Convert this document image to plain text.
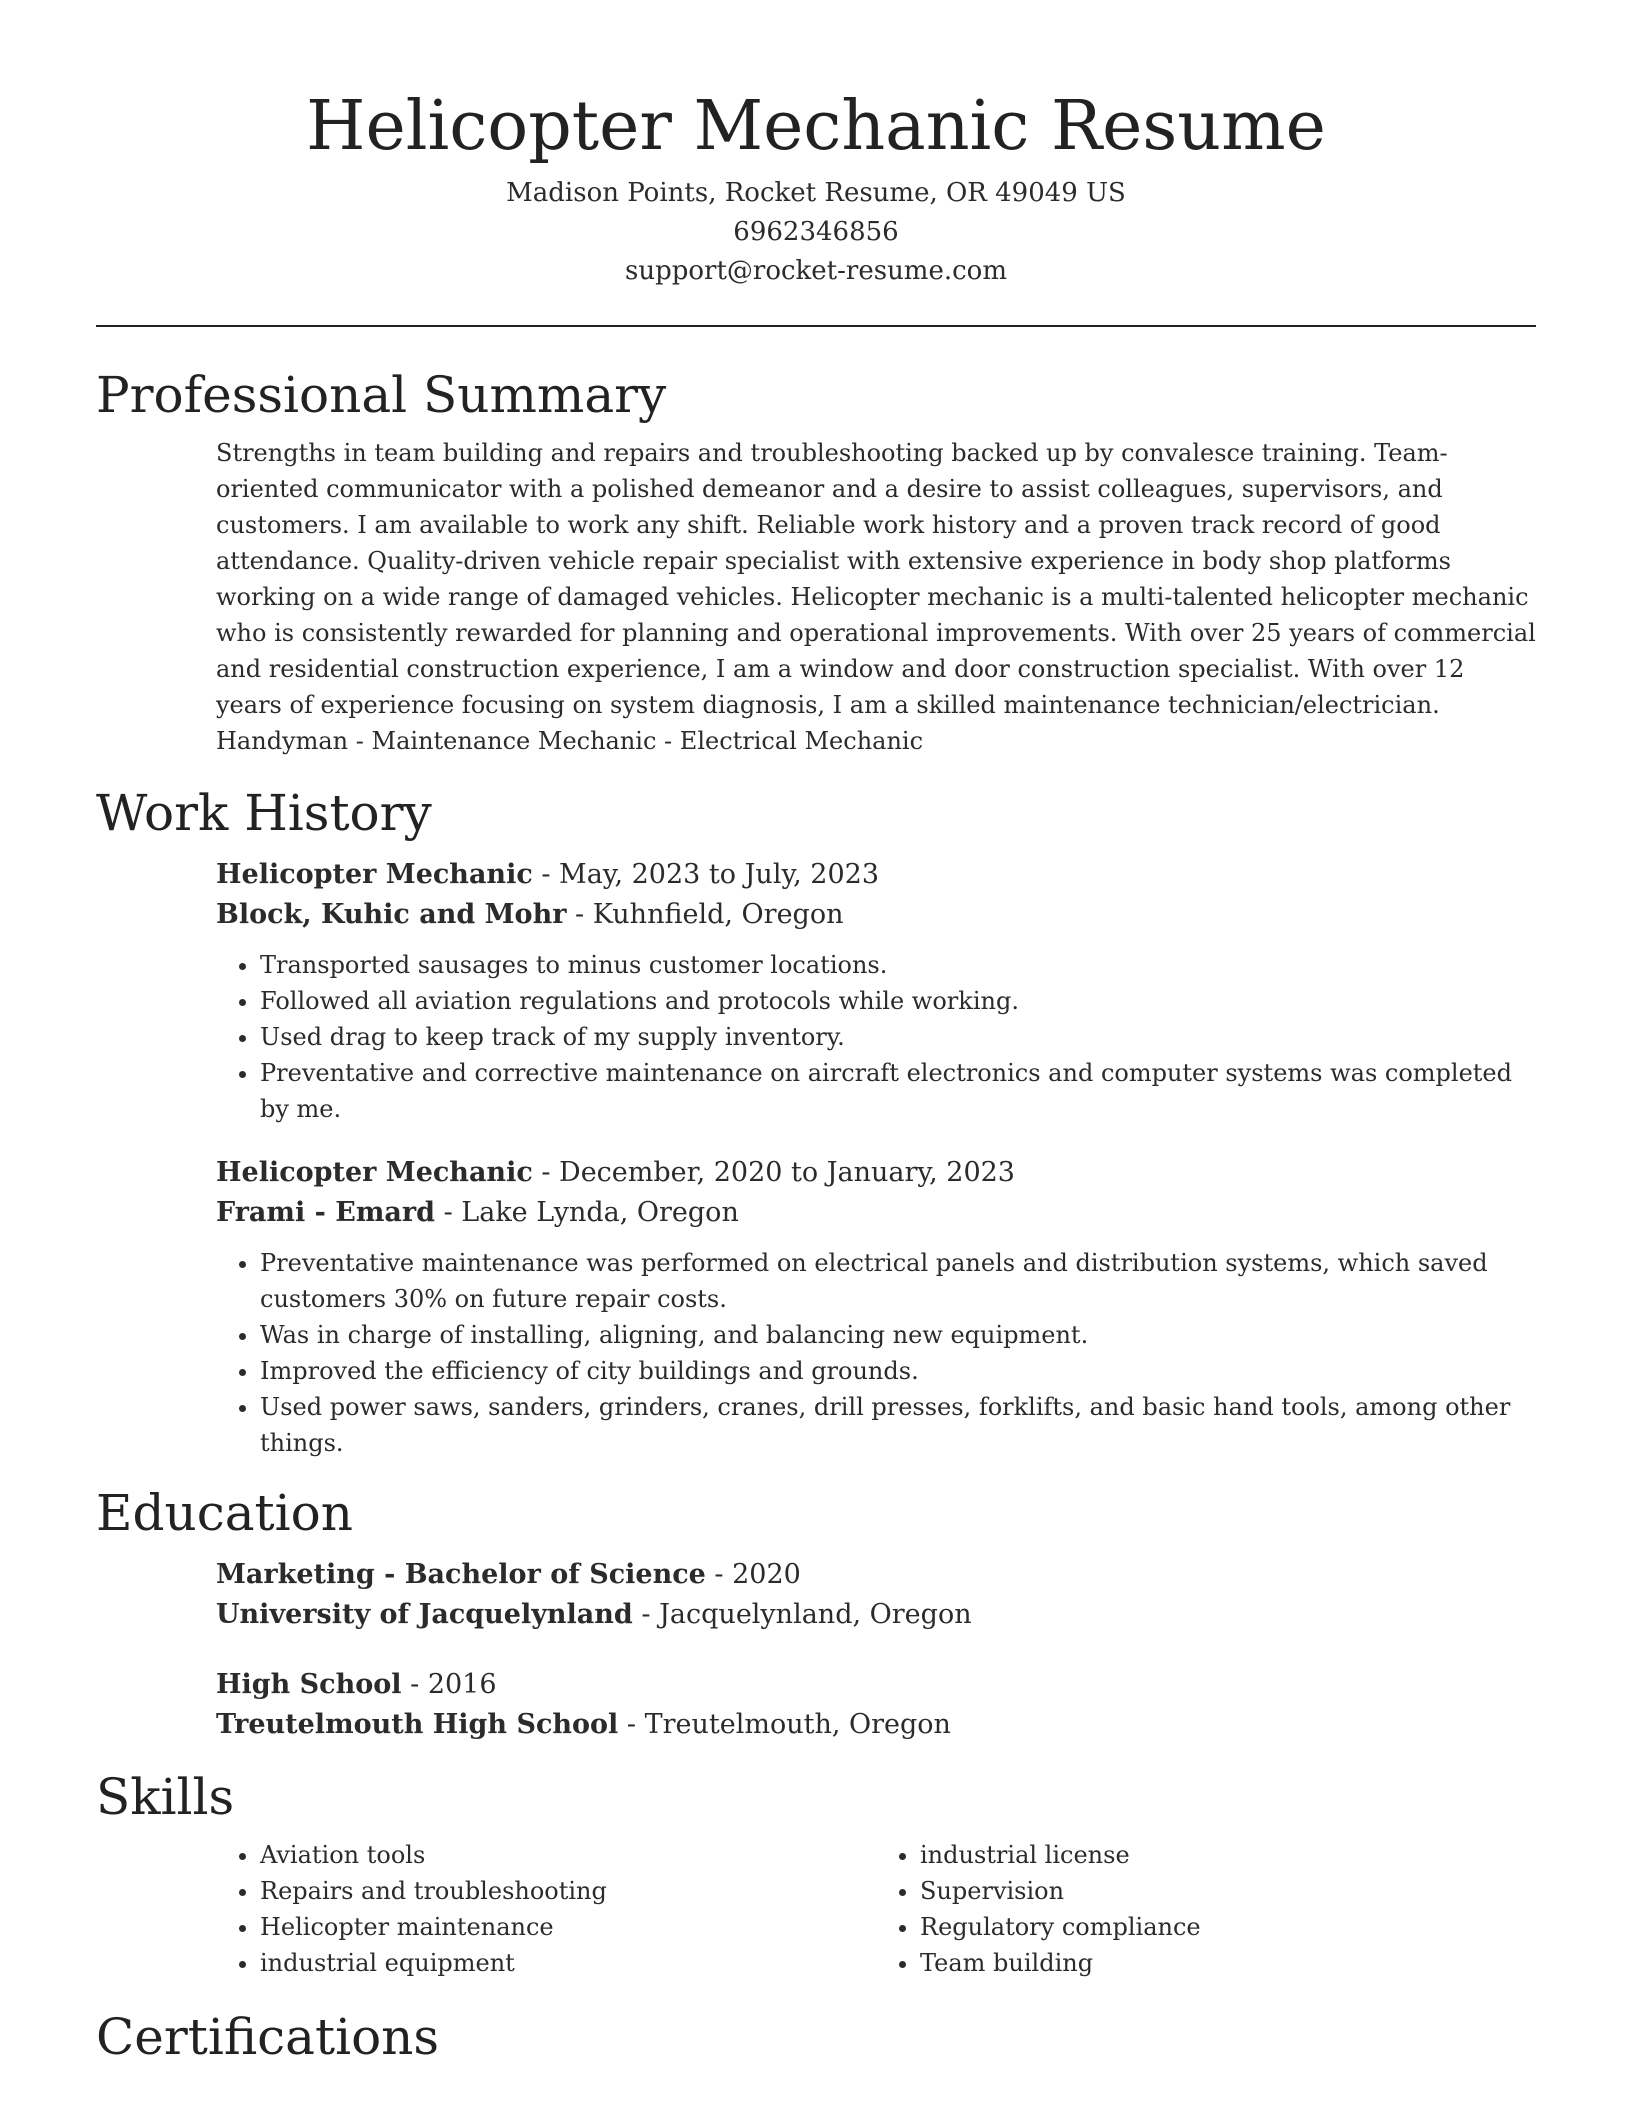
Helicopter Mechanic Resume
Madison Points, Rocket Resume, OR 49049 US
6962346856
support@rocket-resume.com
Professional Summary

Strengths in team building and repairs and troubleshooting backed up by convalesce training. Team-oriented communicator with a polished demeanor and a desire to assist colleagues, supervisors, and customers. I am available to work any shift. Reliable work history and a proven track record of good attendance. Quality-driven vehicle repair specialist with extensive experience in body shop platforms working on a wide range of damaged vehicles. Helicopter mechanic is a multi-talented helicopter mechanic who is consistently rewarded for planning and operational improvements. With over 25 years of commercial and residential construction experience, I am a window and door construction specialist. With over 12 years of experience focusing on system diagnosis, I am a skilled maintenance technician/electrician. Handyman - Maintenance Mechanic - Electrical Mechanic

Work History
Helicopter Mechanic - May, 2023 to July, 2023
Block, Kuhic and Mohr - Kuhnfield, Oregon
• Transported sausages to minus customer locations.
• Followed all aviation regulations and protocols while working.
• Used drag to keep track of my supply inventory.
• Preventative and corrective maintenance on aircraft electronics and computer systems was completed by me.
Helicopter Mechanic - December, 2020 to January, 2023
Frami - Emard - Lake Lynda, Oregon
• Preventative maintenance was performed on electrical panels and distribution systems, which saved customers 30% on future repair costs.
• Was in charge of installing, aligning, and balancing new equipment.
• Improved the efficiency of city buildings and grounds.
• Used power saws, sanders, grinders, cranes, drill presses, forklifts, and basic hand tools, among other things.
Education
Marketing - Bachelor of Science - 2020
University of Jacquelynland - Jacquelynland, Oregon
High School - 2016
Treutelmouth High School - Treutelmouth, Oregon
Skills
• Aviation tools
• Repairs and troubleshooting
• Helicopter maintenance
• industrial equipment
• industrial license
• Supervision
• Regulatory compliance
• Team building
Certifications
